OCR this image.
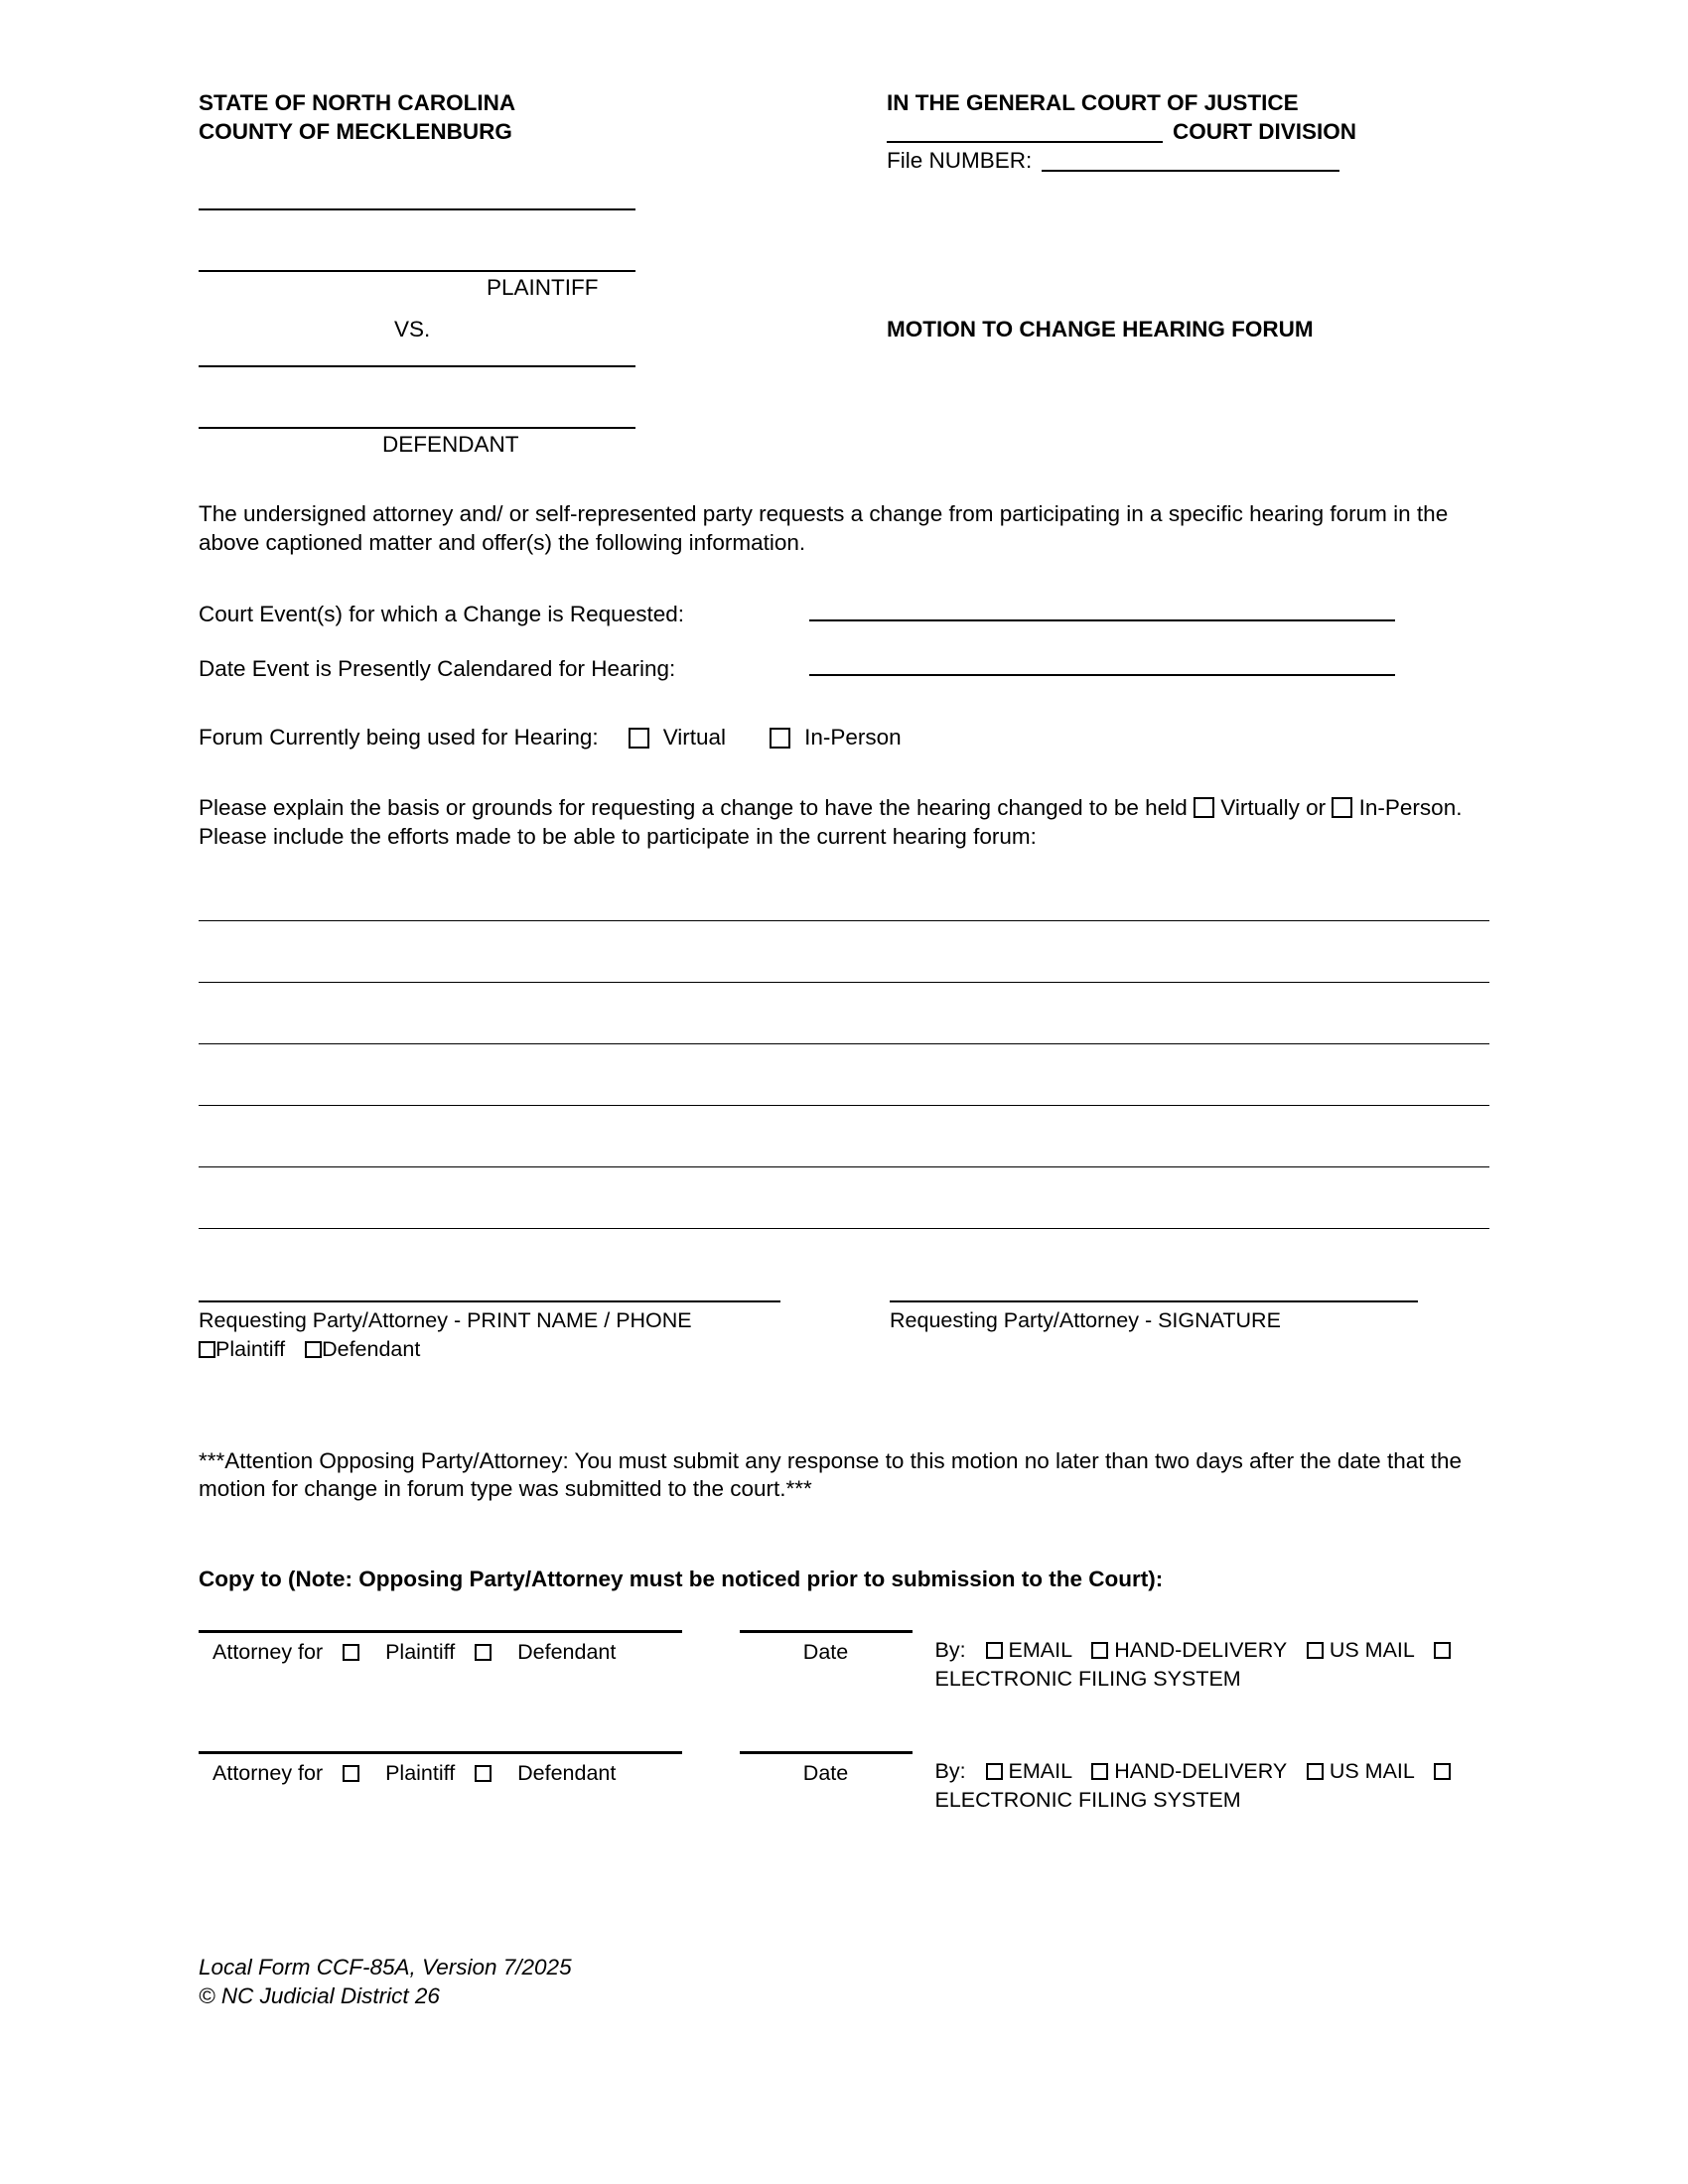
STATE OF NORTH CAROLINA
COUNTY OF MECKLENBURG
IN THE GENERAL COURT OF JUSTICE
COURT DIVISION
File NUMBER:
PLAINTIFF
VS.
DEFENDANT
MOTION TO CHANGE HEARING FORUM

The undersigned attorney and/ or self-represented party requests a change from participating in a specific hearing forum in the above captioned matter and offer(s) the following information.

Court Event(s) for which a Change is Requested:
Date Event is Presently Calendared for Hearing:
Forum Currently being used for Hearing:	Virtual	In-Person

Please explain the basis or grounds for requesting a change to have the hearing changed to be held Virtually or In-Person. Please include the efforts made to be able to participate in the current hearing forum:

Requesting Party/Attorney - PRINT NAME / PHONE
Plaintiff Defendant
Requesting Party/Attorney - SIGNATURE

***Attention Opposing Party/Attorney: You must submit any response to this motion no later than two days after the date that the motion for change in forum type was submitted to the court.***

Copy to (Note: Opposing Party/Attorney must be noticed prior to submission to the Court):

Attorney for	Plaintiff	Defendant	Date	By: EMAIL HAND-DELIVERY US MAIL   ELECTRONIC FILING SYSTEM
Attorney for	Plaintiff	Defendant	Date	By: EMAIL HAND-DELIVERY US MAIL   ELECTRONIC FILING SYSTEM
Local Form CCF-85A, Version 7/2025
© NC Judicial District 26
